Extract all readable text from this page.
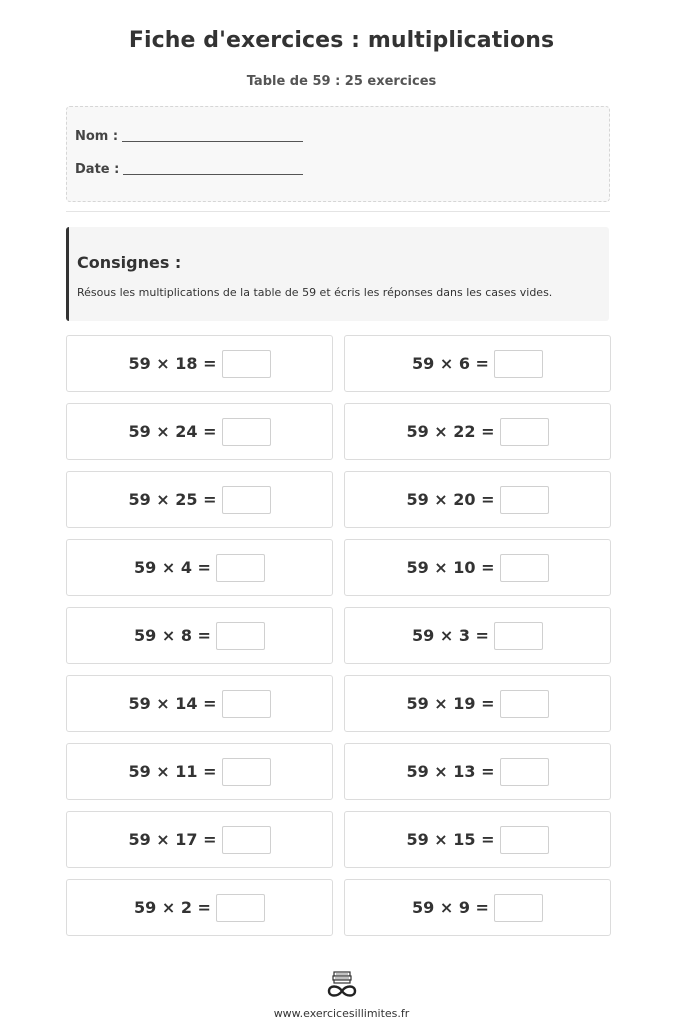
Fiche d'exercices : multiplications
Table de 59 : 25 exercices
Nom :
Date :
Consignes :
Résous les multiplications de la table de 59 et écris les réponses dans les cases vides.
59 × 18 =	59 × 6 =
59 × 24 =	59 × 22 =
59 × 25 =	59 × 20 =
59 × 4 =	59 × 10 =
59 × 8 =	59 × 3 =
59 × 14 =	59 × 19 =
59 × 11 =	59 × 13 =
59 × 17 =	59 × 15 =
59 × 2 =	59 × 9 =
www.exercicesillimites.fr
